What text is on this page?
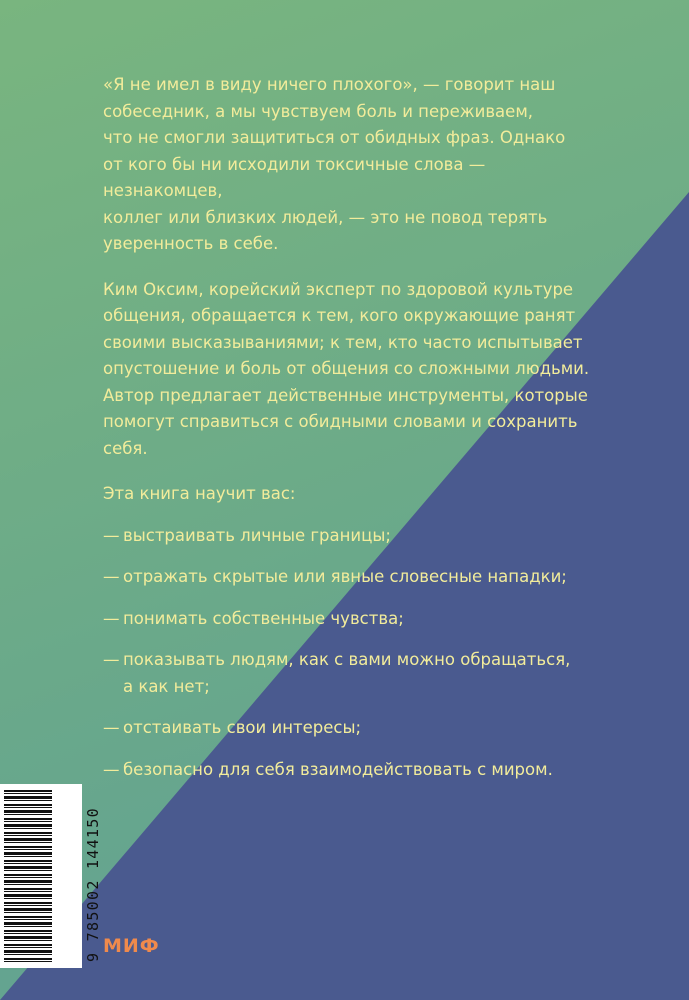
«Я не имел в виду ничего плохого», — говорит наш
собеседник, а мы чувствуем боль и переживаем,
что не смогли защититься от обидных фраз. Однако
от кого бы ни исходили токсичные слова — незнакомцев,
коллег или близких людей, — это не повод терять
уверенность в себе.

Ким Оксим, корейский эксперт по здоровой культуре
общения, обращается к тем, кого окружающие ранят
своими высказываниями; к тем, кто часто испытывает
опустошение и боль от общения со сложными людьми.
Автор предлагает действенные инструменты, которые
помогут справиться с обидными словами и сохранить
себя.

Эта книга научит вас:

— выстраивать личные границы;
— отражать скрытые или явные словесные нападки;
— понимать собственные чувства;
— показывать людям, как с вами можно обращаться,
а как нет;
— отстаивать свои интересы;
— безопасно для себя взаимодействовать с миром.
9 785002 144150 МИФ
